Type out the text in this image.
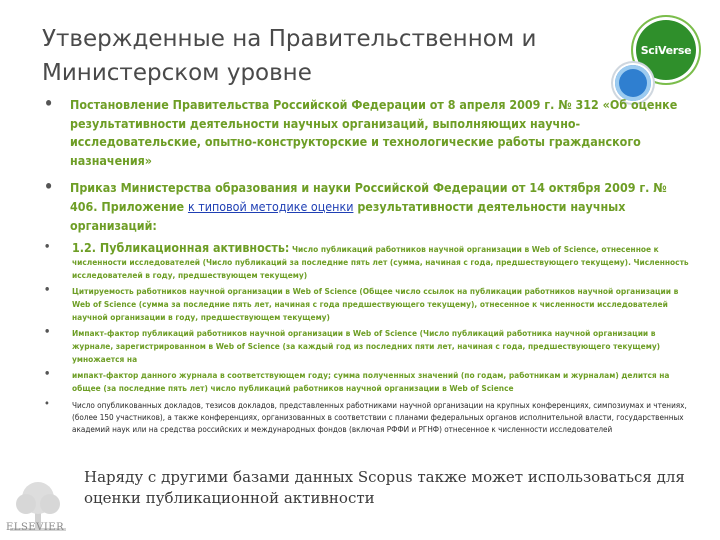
Утвержденные на Правительственном и
Министерском уровне
SciVerse
• Постановление Правительства Российской Федерации от 8 апреля 2009 г. № 312 «Об оценке результативности деятельности научных организаций, выполняющих научно-исследовательские, опытно-конструкторские и технологические работы гражданского назначения»
• Приказ Министерства образования и науки Российской Федерации от 14 октября 2009 г. № 406. Приложение к типовой методике оценки результативности деятельности научных организаций:
• 1.2. Публикационная активность: Число публикаций работников научной организации в Web of Science, отнесенное к численности исследователей (Число публикаций за последние пять лет (сумма, начиная с года, предшествующего текущему). Численность исследователей в году, предшествующем текущему)
• Цитируемость работников научной организации в Web of Science (Общее число ссылок на публикации работников научной организации в Web of Science (сумма за последние пять лет, начиная с года предшествующего текущему), отнесенное к численности исследователей научной организации в году, предшествующем текущему)
• Импакт-фактор публикаций работников научной организации в Web of Science (Число публикаций работника научной организации в журнале, зарегистрированном в Web of Science (за каждый год из последних пяти лет, начиная с года, предшествующего текущему) умножается на
• импакт-фактор данного журнала в соответствующем году; сумма полученных значений (по годам, работникам и журналам) делится на общее (за последние пять лет) число публикаций работников научной организации в Web of Science
• Число опубликованных докладов, тезисов докладов, представленных работниками научной организации на крупных конференциях, симпозиумах и чтениях, (более 150 участников), а также конференциях, организованных в соответствии с планами федеральных органов исполнительной власти, государственных академий наук или на средства российских и международных фондов (включая РФФИ и РГНФ) отнесенное к численности исследователей
ELSEVIER
Наряду с другими базами данных Scopus также может использоваться для оценки публикационной активности
